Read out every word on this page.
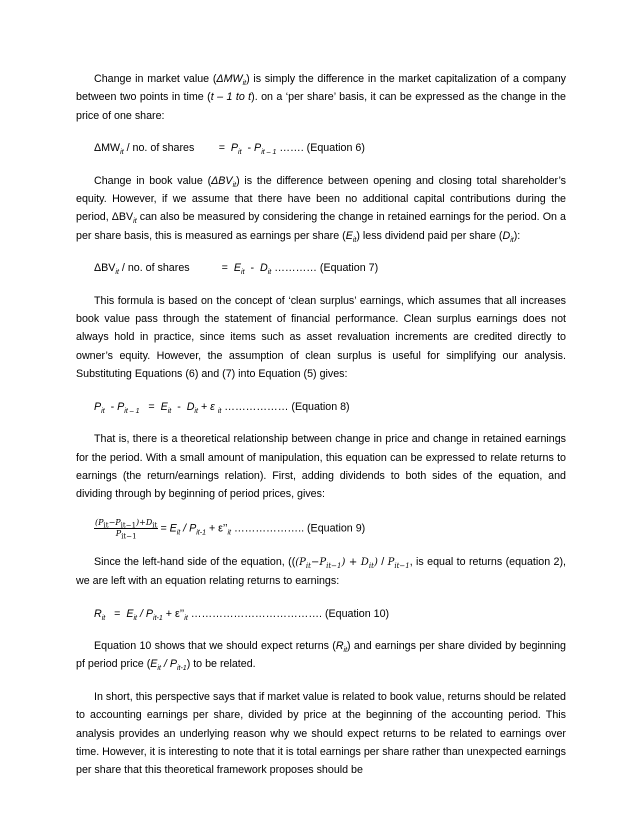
Change in market value $(\Delta MW_{it})$ is simply the difference in the market capitalization of a company between two points in time (t – 1 to t). on a ‘per share’ basis, it can be expressed as the change in the price of one share:

$\Delta MW_{it}$ / no. of shares   = $P_{it} - P_{it - 1}$ ……. (Equation 6)

Change in book value $(\Delta BV_{it})$ is the difference between opening and closing total shareholder’s equity. However, if we assume that there have been no additional capital contributions during the period, $\Delta BV_{it}$ can also be measured by considering the change in retained earnings for the period. On a per share basis, this is measured as earnings per share $(E_{it})$ less dividend paid per share $(D_{it})$:

$\Delta BV_{it}$ / no. of shares   	= $E_{it} - D_{it}$ ………… (Equation 7)

This formula is based on the concept of ‘clean surplus’ earnings, which assumes that all increases book value pass through the statement of financial performance. Clean surplus earnings does not always hold in practice, since items such as asset revaluation increments are credited directly to owner’s equity. However, the assumption of clean surplus is useful for simplifying our analysis. Substituting Equations (6) and (7) into Equation (5) gives:

$P_{it} - P_{it - 1} = E_{it} - D_{it} + \varepsilon$ $_{it}$ ……………… (Equation 8)

That is, there is a theoretical relationship between change in price and change in retained earnings for the period. With a small amount of manipulation, this equation can be expressed to relate returns to earnings (the return/earnings relation). First, adding dividends to both sides of the equation, and dividing through by beginning of period prices, gives:

$\frac{(P_{it}-P_{it-1})+D_{it}}{P_{it-1}} = E_{it} / P_{it-1}$ + $\varepsilon’’_{it}$ ……………….. (Equation 9)

Since the left-hand side of the equation, ($((P_{it}-P_{it-1}) + D_{it}) / P_{it-1}$, is equal to returns (equation 2), we are left with an equation relating returns to earnings:

$R_{it} = E_{it} / P_{it-1}$ + $\varepsilon’’_{it}$ ………………………………. (Equation 10)

Equation 10 shows that we should expect returns $(R_{it})$ and earnings per share divided by beginning pf period price $(E_{it} / P_{it-1})$ to be related.

In short, this perspective says that if market value is related to book value, returns should be related to accounting earnings per share, divided by price at the beginning of the accounting period. This analysis provides an underlying reason why we should expect returns to be related to earnings over time. However, it is interesting to note that it is total earnings per share rather than unexpected earnings per share that this theoretical framework proposes should be
